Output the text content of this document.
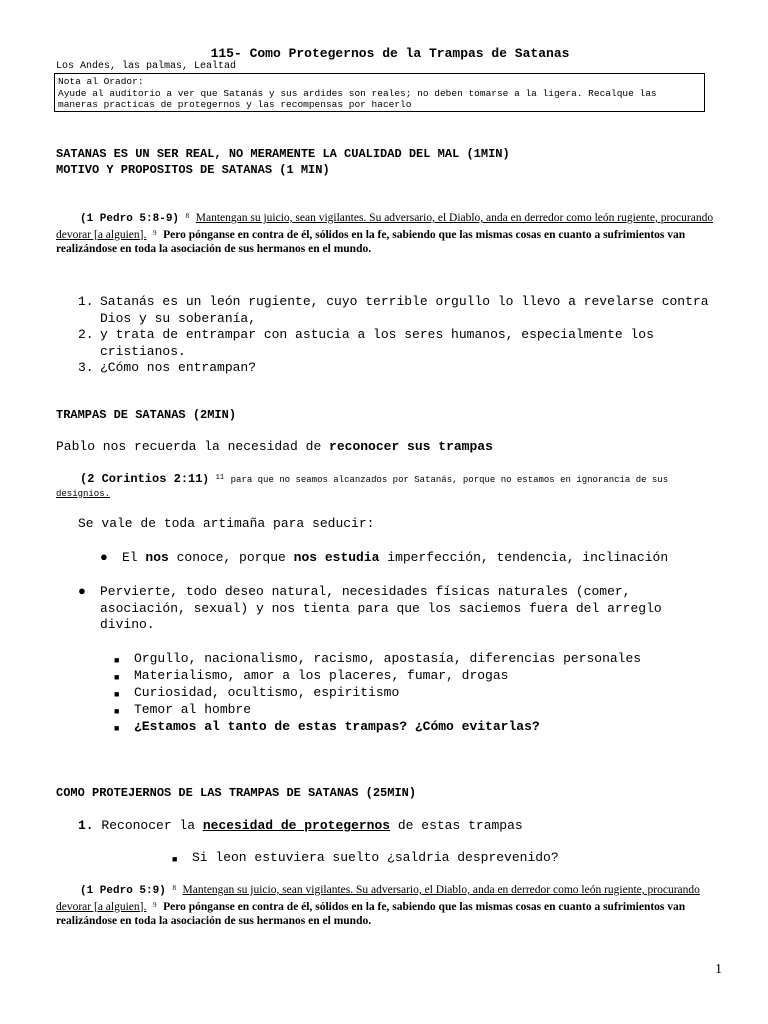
115- Como Protegernos de la Trampas de Satanas
Los Andes, las palmas, Lealtad
Nota al Orador:
Ayude al auditorio a ver que Satanás y sus ardides son reales; no deben tomarse a la ligera. Recalque las maneras practicas de protegernos y las recompensas por hacerlo
SATANAS ES UN SER REAL, NO MERAMENTE LA CUALIDAD DEL MAL (1MIN)
MOTIVO Y PROPOSITOS DE SATANAS (1 MIN)
(1 Pedro 5:8-9) $^8$ Mantengan su juicio, sean vigilantes. Su adversario, el Diablo, anda en derredor como león rugiente, procurando devorar [a alguien]. $^9$ Pero pónganse en contra de él, sólidos en la fe, sabiendo que las mismas cosas en cuanto a sufrimientos van realizándose en toda la asociación de sus hermanos en el mundo.
1. Satanás es un león rugiente, cuyo terrible orgullo lo llevo a revelarse contra Dios y su soberanía,
2. y trata de entrampar con astucia a los seres humanos, especialmente los cristianos.
3. ¿Cómo nos entrampan?
TRAMPAS DE SATANAS (2MIN)
Pablo nos recuerda la necesidad de reconocer sus trampas
(2 Corintios 2:11) $^{11}$ para que no seamos alcanzados por Satanás, porque no estamos en ignorancia de sus designios.
Se vale de toda artimaña para seducir:
●	El nos conoce, porque nos estudia imperfección, tendencia, inclinación
●	Pervierte, todo deseo natural, necesidades físicas naturales (comer, asociación, sexual) y nos tienta para que los saciemos fuera del arreglo divino.
■	Orgullo, nacionalismo, racismo, apostasía, diferencias personales
■	Materialismo, amor a los placeres, fumar, drogas
■	Curiosidad, ocultismo, espiritismo
■	Temor al hombre
■	¿Estamos al tanto de estas trampas? ¿Cómo evitarlas?
COMO PROTEJERNOS DE LAS TRAMPAS DE SATANAS (25MIN)
1. Reconocer la necesidad de protegernos de estas trampas
■	Si leon estuviera suelto ¿saldria desprevenido?
(1 Pedro 5:9) $^8$ Mantengan su juicio, sean vigilantes. Su adversario, el Diablo, anda en derredor como león rugiente, procurando devorar [a alguien]. $^9$ Pero pónganse en contra de él, sólidos en la fe, sabiendo que las mismas cosas en cuanto a sufrimientos van realizándose en toda la asociación de sus hermanos en el mundo.
1
